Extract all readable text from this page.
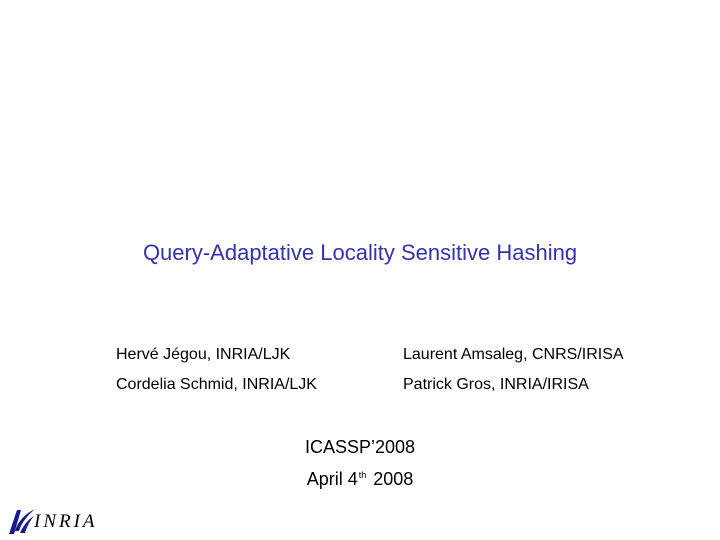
Query-Adaptative Locality Sensitive Hashing
Hervé Jégou, INRIA/LJK	Laurent Amsaleg, CNRS/IRISA
Cordelia Schmid, INRIA/LJK	Patrick Gros, INRIA/IRISA
ICASSP’2008
April 4th 2008
INRIA
